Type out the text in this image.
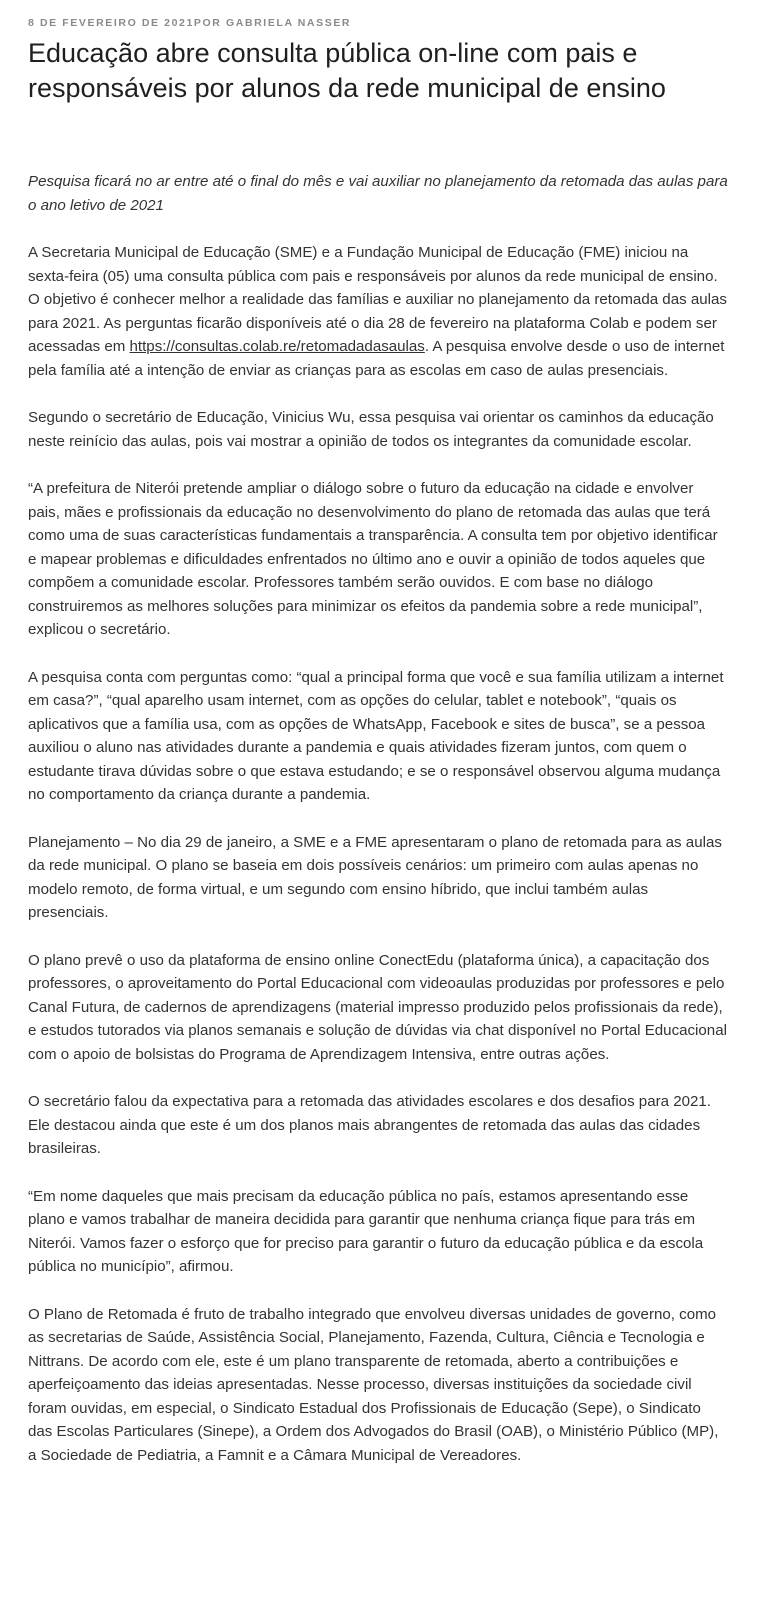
8 DE FEVEREIRO DE 2021POR GABRIELA NASSER
Educação abre consulta pública on-line com pais e responsáveis por alunos da rede municipal de ensino

Pesquisa ficará no ar entre até o final do mês e vai auxiliar no planejamento da retomada das aulas para o ano letivo de 2021

A Secretaria Municipal de Educação (SME) e a Fundação Municipal de Educação (FME) iniciou na sexta-feira (05) uma consulta pública com pais e responsáveis por alunos da rede municipal de ensino. O objetivo é conhecer melhor a realidade das famílias e auxiliar no planejamento da retomada das aulas para 2021. As perguntas ficarão disponíveis até o dia 28 de fevereiro na plataforma Colab e podem ser acessadas em https://consultas.colab.re/retomadadasaulas. A pesquisa envolve desde o uso de internet pela família até a intenção de enviar as crianças para as escolas em caso de aulas presenciais.

Segundo o secretário de Educação, Vinicius Wu, essa pesquisa vai orientar os caminhos da educação neste reinício das aulas, pois vai mostrar a opinião de todos os integrantes da comunidade escolar.

“A prefeitura de Niterói pretende ampliar o diálogo sobre o futuro da educação na cidade e envolver pais, mães e profissionais da educação no desenvolvimento do plano de retomada das aulas que terá como uma de suas características fundamentais a transparência. A consulta tem por objetivo identificar e mapear problemas e dificuldades enfrentados no último ano e ouvir a opinião de todos aqueles que compõem a comunidade escolar. Professores também serão ouvidos. E com base no diálogo construiremos as melhores soluções para minimizar os efeitos da pandemia sobre a rede municipal”, explicou o secretário.

A pesquisa conta com perguntas como: “qual a principal forma que você e sua família utilizam a internet em casa?”, “qual aparelho usam internet, com as opções do celular, tablet e notebook”, “quais os aplicativos que a família usa, com as opções de WhatsApp, Facebook e sites de busca”, se a pessoa auxiliou o aluno nas atividades durante a pandemia e quais atividades fizeram juntos, com quem o estudante tirava dúvidas sobre o que estava estudando; e se o responsável observou alguma mudança no comportamento da criança durante a pandemia.

Planejamento – No dia 29 de janeiro, a SME e a FME apresentaram o plano de retomada para as aulas da rede municipal. O plano se baseia em dois possíveis cenários: um primeiro com aulas apenas no modelo remoto, de forma virtual, e um segundo com ensino híbrido, que inclui também aulas presenciais.

O plano prevê o uso da plataforma de ensino online ConectEdu (plataforma única), a capacitação dos professores, o aproveitamento do Portal Educacional com videoaulas produzidas por professores e pelo Canal Futura, de cadernos de aprendizagens (material impresso produzido pelos profissionais da rede), e estudos tutorados via planos semanais e solução de dúvidas via chat disponível no Portal Educacional com o apoio de bolsistas do Programa de Aprendizagem Intensiva, entre outras ações.

O secretário falou da expectativa para a retomada das atividades escolares e dos desafios para 2021. Ele destacou ainda que este é um dos planos mais abrangentes de retomada das aulas das cidades brasileiras.

“Em nome daqueles que mais precisam da educação pública no país, estamos apresentando esse plano e vamos trabalhar de maneira decidida para garantir que nenhuma criança fique para trás em Niterói. Vamos fazer o esforço que for preciso para garantir o futuro da educação pública e da escola pública no município”, afirmou.

O Plano de Retomada é fruto de trabalho integrado que envolveu diversas unidades de governo, como as secretarias de Saúde, Assistência Social, Planejamento, Fazenda, Cultura, Ciência e Tecnologia e Nittrans. De acordo com ele, este é um plano transparente de retomada, aberto a contribuições e aperfeiçoamento das ideias apresentadas. Nesse processo, diversas instituições da sociedade civil foram ouvidas, em especial, o Sindicato Estadual dos Profissionais de Educação (Sepe), o Sindicato das Escolas Particulares (Sinepe), a Ordem dos Advogados do Brasil (OAB), o Ministério Público (MP), a Sociedade de Pediatria, a Famnit e a Câmara Municipal de Vereadores.
